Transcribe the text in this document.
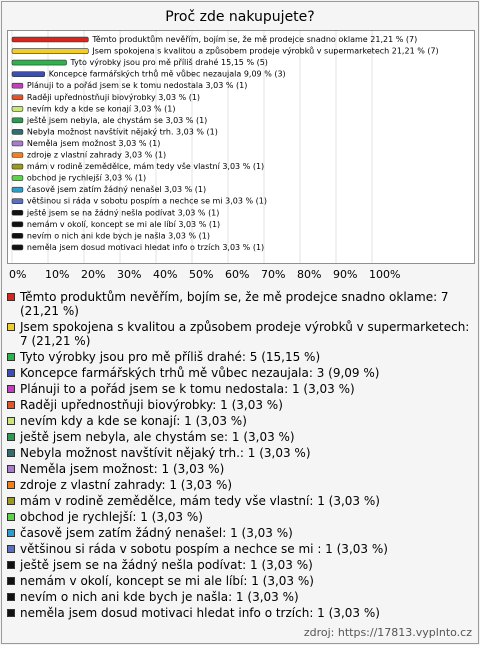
Proč zde nakupujete?
Těmto produktům nevěřím, bojím se, že mě prodejce snadno oklame 21,21 % (7)
Jsem spokojena s kvalitou a způsobem prodeje výrobků v supermarketech 21,21 % (7)
Tyto výrobky jsou pro mě příliš drahé 15,15 % (5)
Koncepce farmářských trhů mě vůbec nezaujala 9,09 % (3)
Plánuji to a pořád jsem se k tomu nedostala 3,03 % (1)
Raději upřednostňuji biovýrobky 3,03 % (1)
nevím kdy a kde se konají 3,03 % (1)
ještě jsem nebyla, ale chystám se 3,03 % (1)
Nebyla možnost navštívit nějaký trh. 3,03 % (1)
Neměla jsem možnost 3,03 % (1)
zdroje z vlastní zahrady 3,03 % (1)
mám v rodině zemědělce, mám tedy vše vlastní 3,03 % (1)
obchod je rychlejší 3,03 % (1)
časově jsem zatím žádný nenašel 3,03 % (1)
většinou si ráda v sobotu pospím a nechce se mi 3,03 % (1)
ještě jsem se na žádný nešla podívat 3,03 % (1)
nemám v okolí, koncept se mi ale líbí 3,03 % (1)
nevím o nich ani kde bych je našla 3,03 % (1)
neměla jsem dosud motivaci hledat info o trzích 3,03 % (1)
0% 10% 20% 30% 40% 50% 60% 70% 80% 90% 100%
Těmto produktům nevěřím, bojím se, že mě prodejce snadno oklame: 7 (21,21 %)
Jsem spokojena s kvalitou a způsobem prodeje výrobků v supermarketech: 7 (21,21 %)
Tyto výrobky jsou pro mě příliš drahé: 5 (15,15 %)
Koncepce farmářských trhů mě vůbec nezaujala: 3 (9,09 %)
Plánuji to a pořád jsem se k tomu nedostala: 1 (3,03 %)
Raději upřednostňuji biovýrobky: 1 (3,03 %)
nevím kdy a kde se konají: 1 (3,03 %)
ještě jsem nebyla, ale chystám se: 1 (3,03 %)
Nebyla možnost navštívit nějaký trh.: 1 (3,03 %)
Neměla jsem možnost: 1 (3,03 %)
zdroje z vlastní zahrady: 1 (3,03 %)
mám v rodině zemědělce, mám tedy vše vlastní: 1 (3,03 %)
obchod je rychlejší: 1 (3,03 %)
časově jsem zatím žádný nenašel: 1 (3,03 %)
většinou si ráda v sobotu pospím a nechce se mi : 1 (3,03 %)
ještě jsem se na žádný nešla podívat: 1 (3,03 %)
nemám v okolí, koncept se mi ale líbí: 1 (3,03 %)
nevím o nich ani kde bych je našla: 1 (3,03 %)
neměla jsem dosud motivaci hledat info o trzích: 1 (3,03 %)
zdroj: https://17813.vyplnto.cz
